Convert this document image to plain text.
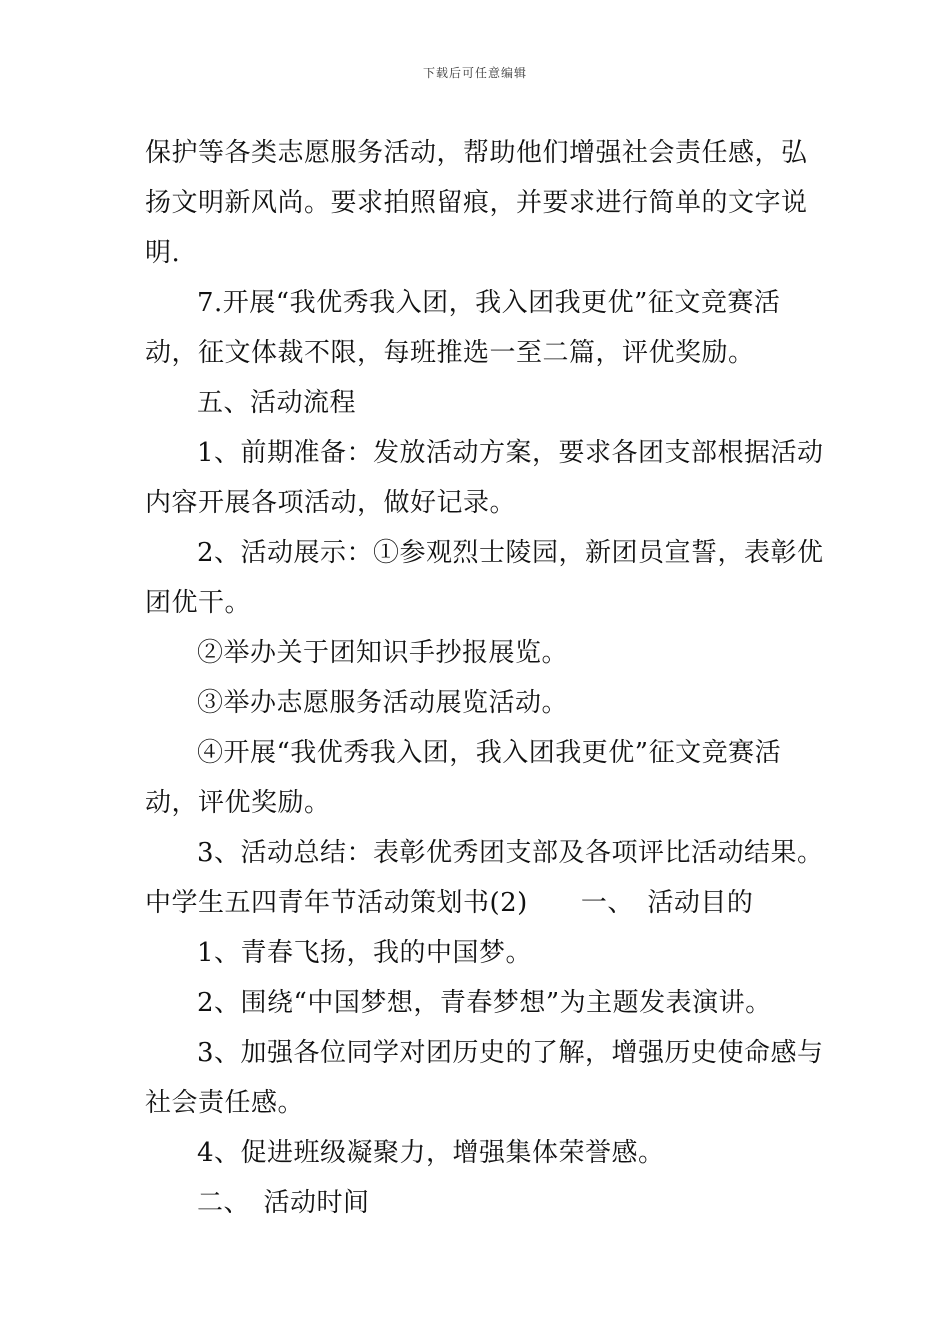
下载后可任意编辑
保护等各类志愿服务活动，帮助他们增强社会责任感，弘
扬文明新风尚。要求拍照留痕，并要求进行简单的文字说
明.
7.开展“我优秀我入团，我入团我更优”征文竞赛活
动，征文体裁不限，每班推选一至二篇，评优奖励。
五、活动流程
1、前期准备：发放活动方案，要求各团支部根据活动
内容开展各项活动，做好记录。
2、活动展示：①参观烈士陵园，新团员宣誓，表彰优
团优干。
②举办关于团知识手抄报展览。
③举办志愿服务活动展览活动。
④开展“我优秀我入团，我入团我更优”征文竞赛活
动，评优奖励。
3、活动总结：表彰优秀团支部及各项评比活动结果。
中学生五四青年节活动策划书(2)　　一、　活动目的
1、青春飞扬，我的中国梦。
2、围绕“中国梦想，青春梦想”为主题发表演讲。
3、加强各位同学对团历史的了解，增强历史使命感与
社会责任感。
4、促进班级凝聚力，增强集体荣誉感。
二、　活动时间
